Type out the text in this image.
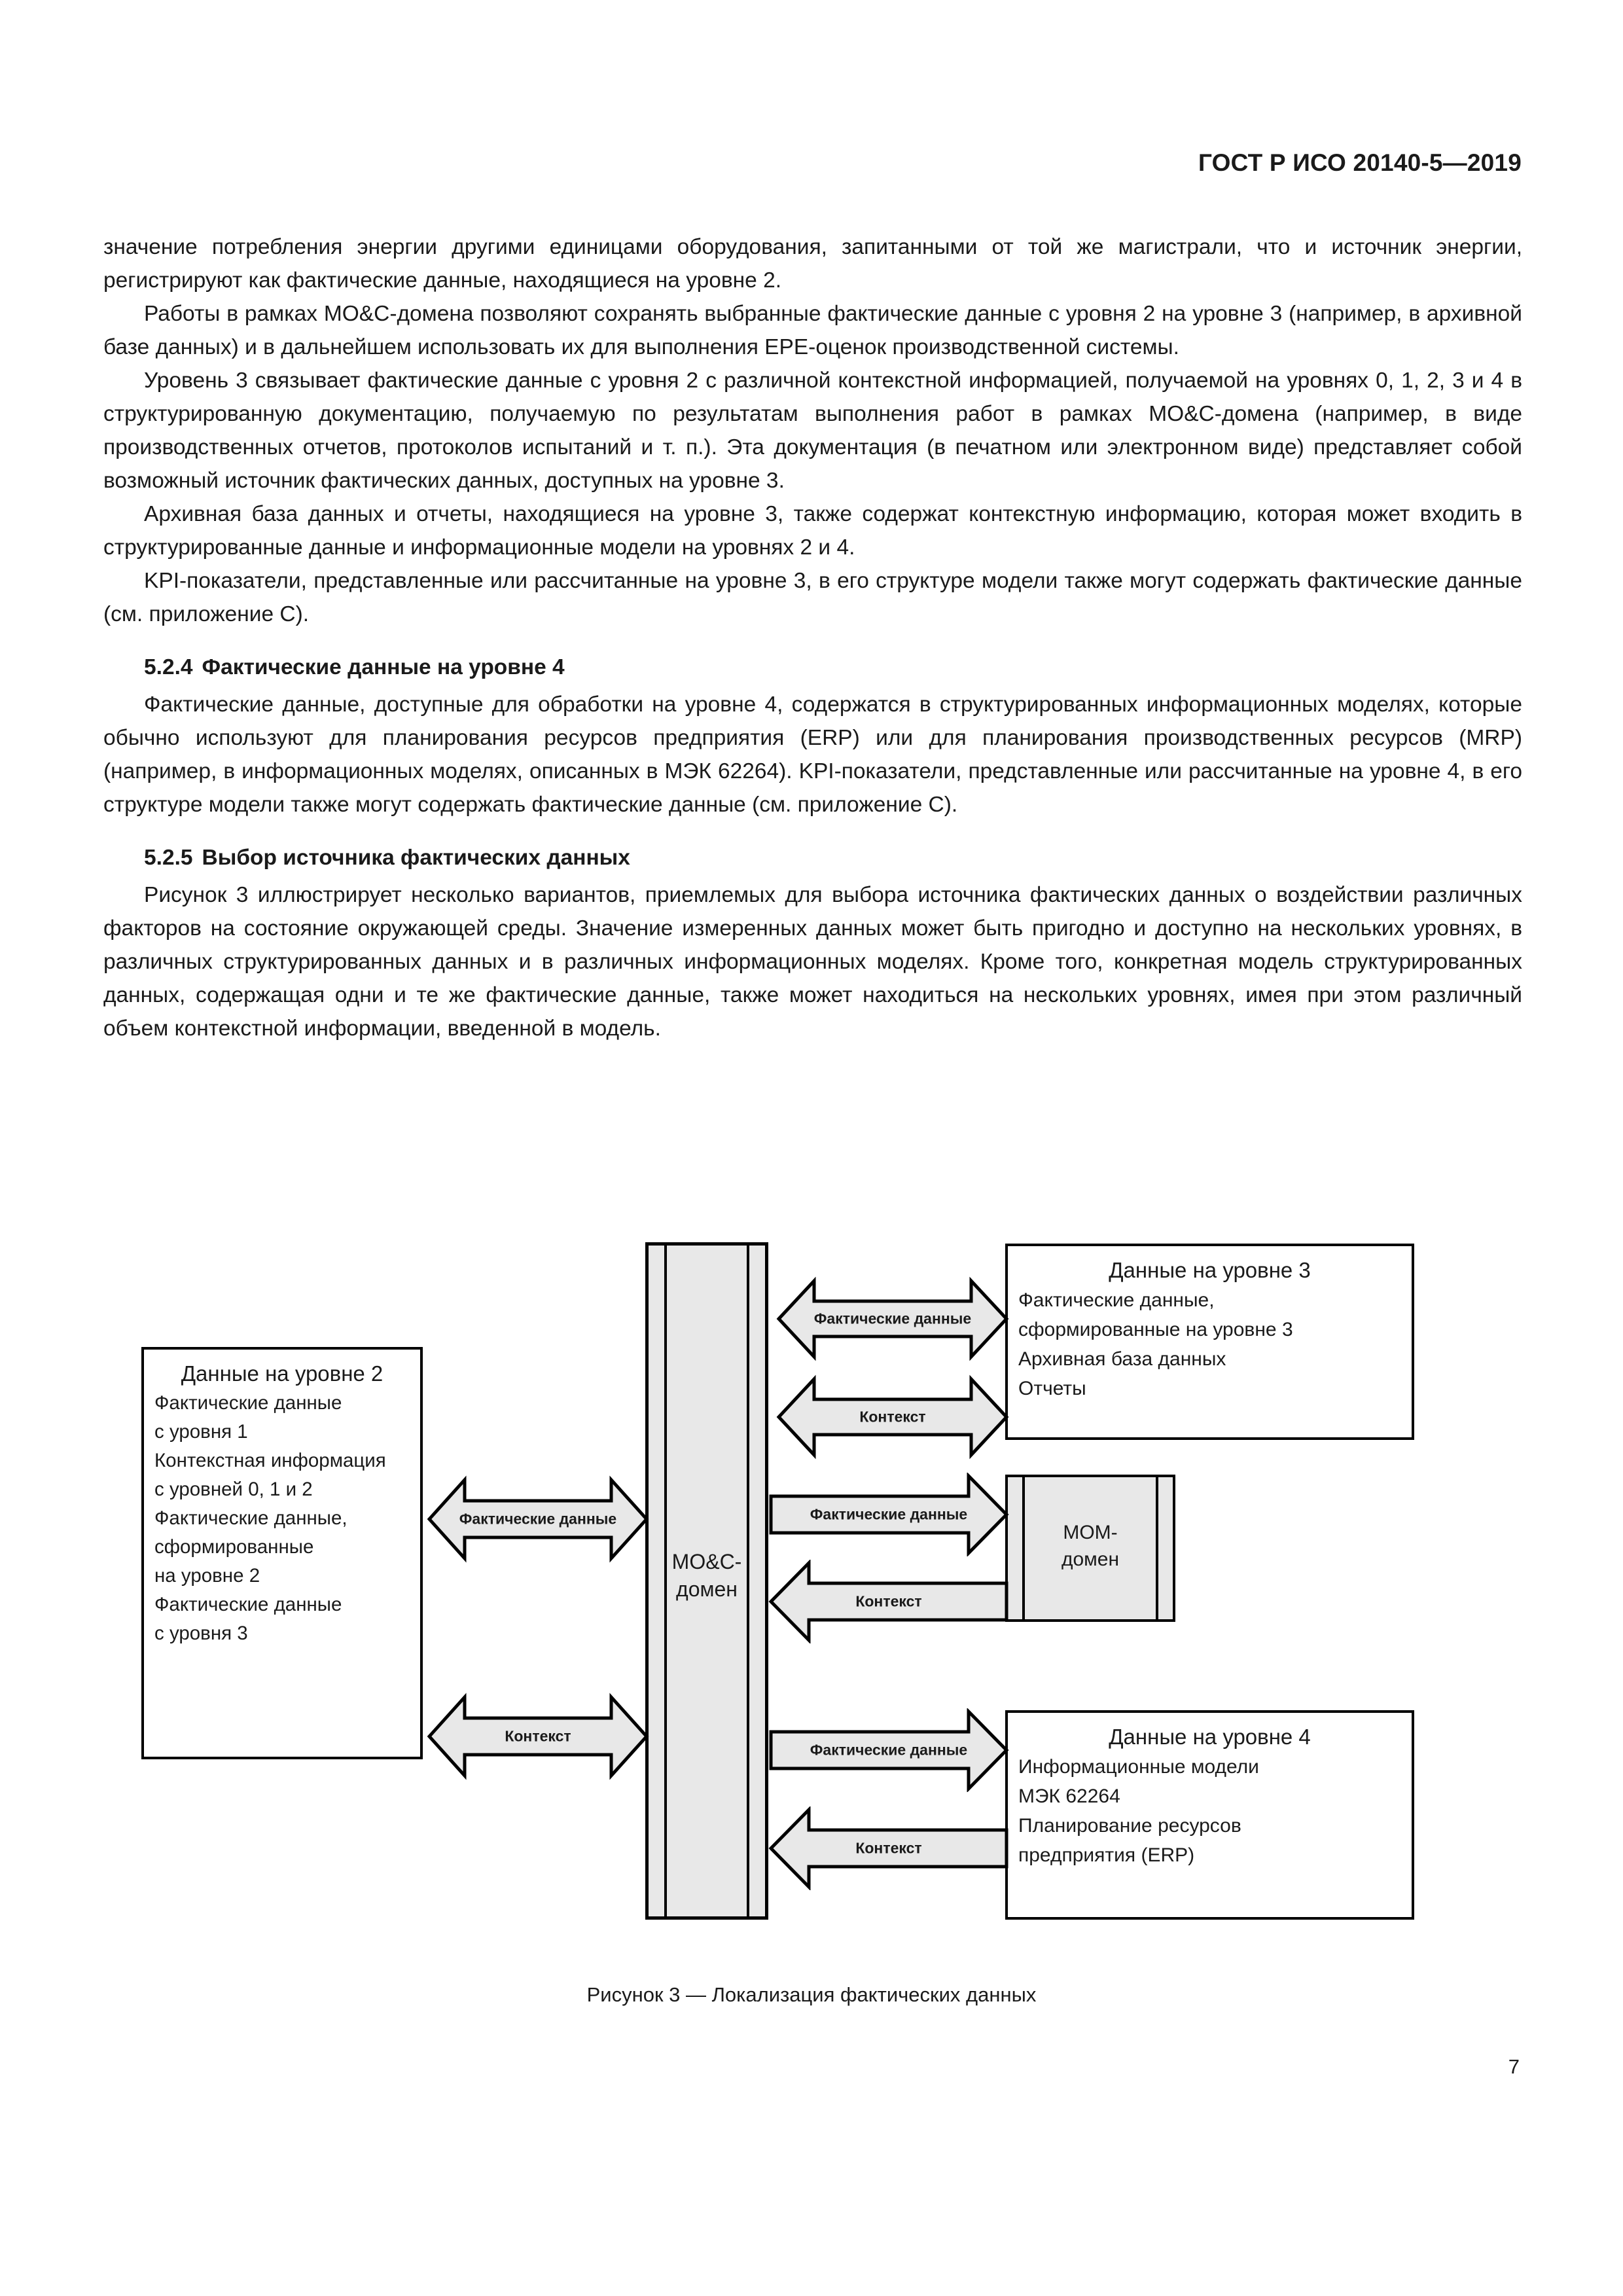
ГОСТ Р ИСО 20140-5—2019

значение потребления энергии другими единицами оборудования, запитанными от той же магистрали, что и источник энергии, регистрируют как фактические данные, находящиеся на уровне 2.

Работы в рамках MO&C-домена позволяют сохранять выбранные фактические данные с уровня 2 на уровне 3 (например, в архивной базе данных) и в дальнейшем использовать их для выполнения EPE-оценок производственной системы.

Уровень 3 связывает фактические данные с уровня 2 с различной контекстной информацией, получаемой на уровнях 0, 1, 2, 3 и 4 в структурированную документацию, получаемую по результатам выполнения работ в рамках MO&C-домена (например, в виде производственных отчетов, протоколов испытаний и т. п.). Эта документация (в печатном или электронном виде) представляет собой возможный источник фактических данных, доступных на уровне 3.

Архивная база данных и отчеты, находящиеся на уровне 3, также содержат контекстную информацию, которая может входить в структурированные данные и информационные модели на уровнях 2 и 4.

KPI-показатели, представленные или рассчитанные на уровне 3, в его структуре модели также могут содержать фактические данные (см. приложение C).

5.2.4 Фактические данные на уровне 4

Фактические данные, доступные для обработки на уровне 4, содержатся в структурированных информационных моделях, которые обычно используют для планирования ресурсов предприятия (ERP) или для планирования производственных ресурсов (MRP) (например, в информационных моделях, описанных в МЭК 62264). KPI-показатели, представленные или рассчитанные на уровне 4, в его структуре модели также могут содержать фактические данные (см. приложение C).

5.2.5 Выбор источника фактических данных

Рисунок 3 иллюстрирует несколько вариантов, приемлемых для выбора источника фактических данных о воздействии различных факторов на состояние окружающей среды. Значение измеренных данных может быть пригодно и доступно на нескольких уровнях, в различных структурированных данных и в различных информационных моделях. Кроме того, конкретная модель структурированных данных, содержащая одни и те же фактические данные, также может находиться на нескольких уровнях, имея при этом различный объем контекстной информации, введенной в модель.

Данные на уровне 2
Фактические данные
с уровня 1
Контекстная информация
с уровней 0, 1 и 2
Фактические данные,
сформированные
на уровне 2
Фактические данные
с уровня 3
Данные на уровне 3
Фактические данные,
сформированные на уровне 3
Архивная база данных
Отчеты
Данные на уровне 4
Информационные модели
МЭК 62264
Планирование ресурсов
предприятия (ERP)
MO&C-
домен
MOM-
домен
Фактические данные
Контекст
Фактические данные
Контекст
Фактические данные
Контекст
Фактические данные
Контекст
Рисунок 3 — Локализация фактических данных
7
